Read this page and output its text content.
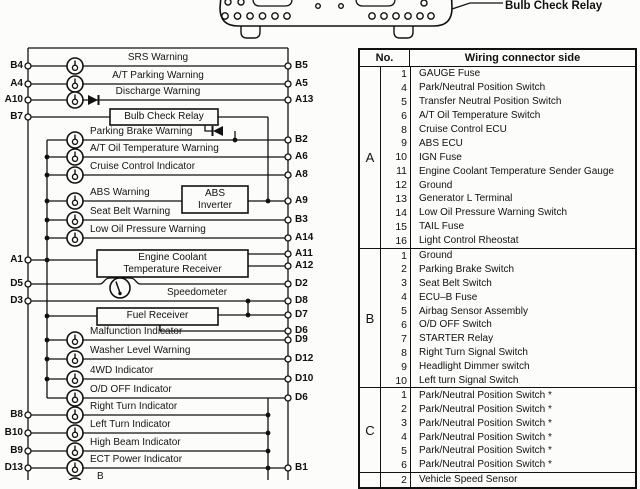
Bulb Check Relay
SRS Warning
A/T Parking Warning
Discharge Warning
Parking Brake Warning
A/T Oil Temperature Warning
Cruise Control Indicator
ABS Warning
Seat Belt Warning
Low Oil Pressure Warning
Speedometer
Malfunction Indicator
Washer Level Warning
4WD Indicator
O/D OFF Indicator
Right Turn Indicator
Left Turn Indicator
High Beam Indicator
ECT Power Indicator
B
B4
A4
A10
B7
A1
D5
D3
B8
B10
B9
D13
B5
A5
A13
B2
A6
A8
A9
B3
A14
A11
A12
D2
D8
D7
D6
D9
D12
D10
D6
B1
Bulb Check Relay
ABS
Inverter
Engine Coolant
Temperature Receiver
Fuel Receiver
No.	Wiring connector side
A
1	GAUGE Fuse
4	Park/Neutral Position Switch
5	Transfer Neutral Position Switch
6	A/T Oil Temperature Switch
8	Cruise Control ECU
9	ABS ECU
10	IGN Fuse
11	Engine Coolant Temperature Sender Gauge
12	Ground
13	Generator L Terminal
14	Low Oil Pressure Warning Switch
15	TAIL Fuse
16	Light Control Rheostat
B
1	Ground
2	Parking Brake Switch
3	Seat Belt Switch
4	ECU–B Fuse
5	Airbag Sensor Assembly
6	O/D OFF Switch
7	STARTER Relay
8	Right Turn Signal Switch
9	Headlight Dimmer switch
10	Left turn Signal Switch
C
1	Park/Neutral Position Switch *
2	Park/Neutral Position Switch *
3	Park/Neutral Position Switch *
4	Park/Neutral Position Switch *
5	Park/Neutral Position Switch *
6	Park/Neutral Position Switch *
2	Vehicle Speed Sensor
